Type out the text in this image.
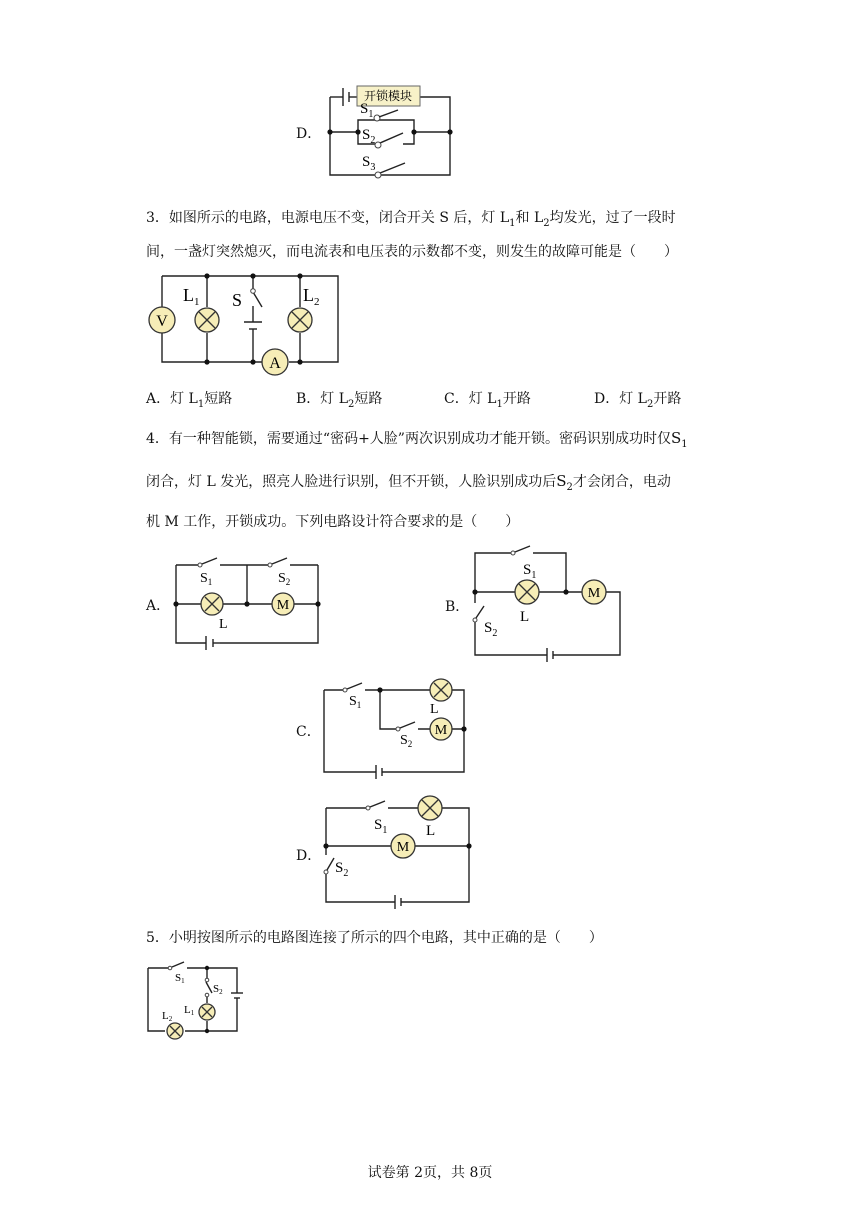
D．
开锁模块
$S_1$
$S_2$
$S_3$
3．如图所示的电路，电源电压不变，闭合开关 S 后，灯 $L_1$和 $L_2$均发光，过了一段时
间，一盏灯突然熄灭，而电流表和电压表的示数都不变，则发生的故障可能是（　　）
V
A
$L_1$ S	$L_2$
A．灯 $L_1$短路	B．灯 $L_2$短路	C．灯 $L_1$开路	D．灯 $L_2$开路
4．有一种智能锁，需要通过“密码+人脸”两次识别成功才能开锁。密码识别成功时仅$S_1$
闭合，灯 L 发光，照亮人脸进行识别，但不开锁，人脸识别成功后$S_2$才会闭合，电动
机 M 工作，开锁成功。下列电路设计符合要求的是（　　）
A．	B．
C．
D．
M
$S_1$	$S_2$
L
M
$S_1$
L
$S_2$
M
$S_1$	L
$S_2$
M
$S_1$	L
$S_2$
5．小明按图所示的电路图连接了所示的四个电路，其中正确的是（　　）
S1
S2
L1
L2
试卷第 2页，共 8页
